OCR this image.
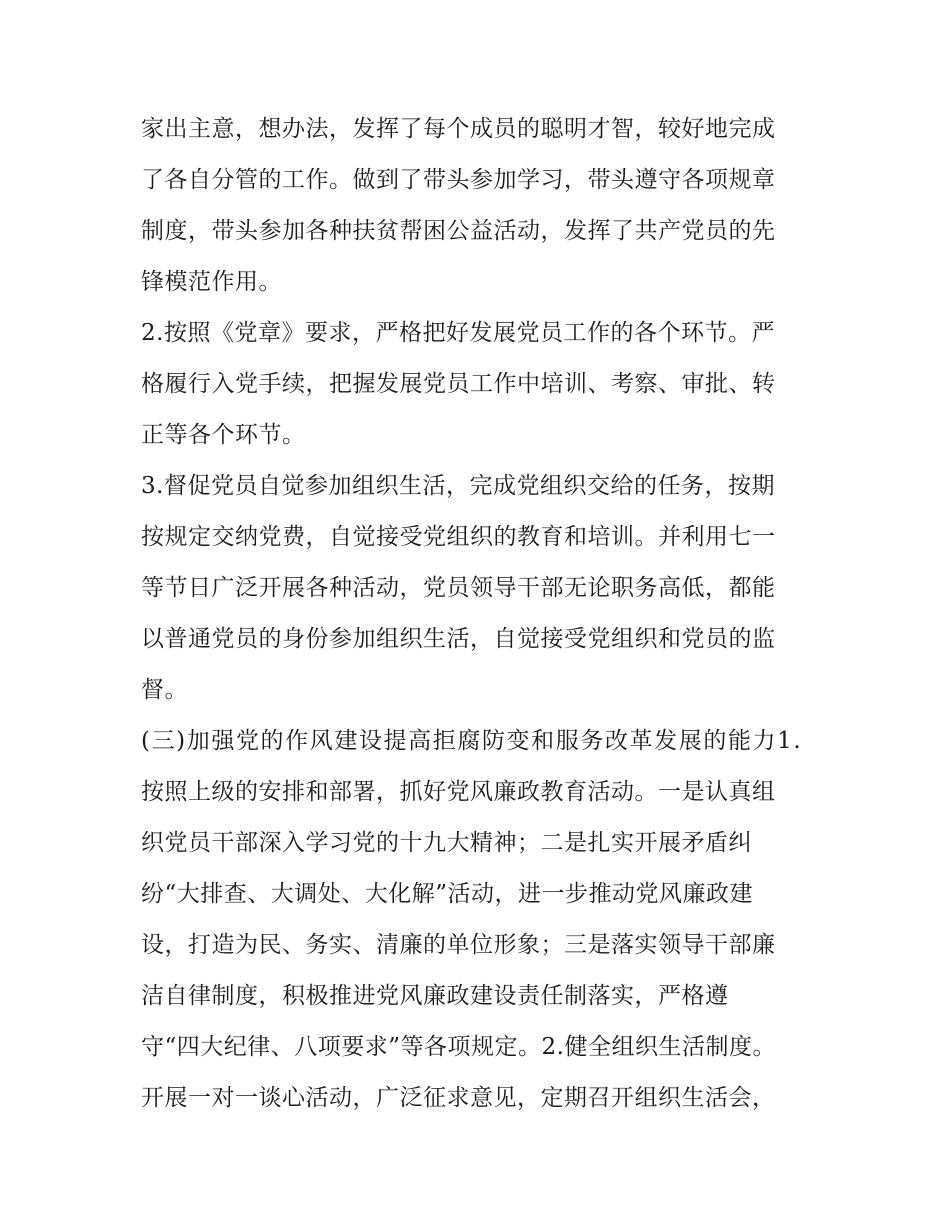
家出主意，想办法，发挥了每个成员的聪明才智，较好地完成
了各自分管的工作。做到了带头参加学习，带头遵守各项规章
制度，带头参加各种扶贫帮困公益活动，发挥了共产党员的先
锋模范作用。
2.按照《党章》要求，严格把好发展党员工作的各个环节。严
格履行入党手续，把握发展党员工作中培训、考察、审批、转
正等各个环节。
3.督促党员自觉参加组织生活，完成党组织交给的任务，按期
按规定交纳党费，自觉接受党组织的教育和培训。并利用七一
等节日广泛开展各种活动，党员领导干部无论职务高低，都能
以普通党员的身份参加组织生活，自觉接受党组织和党员的监
督。
(三)加强党的作风建设提高拒腐防变和服务改革发展的能力1.
按照上级的安排和部署，抓好党风廉政教育活动。一是认真组
织党员干部深入学习党的十九大精神；二是扎实开展矛盾纠
纷“大排查、大调处、大化解”活动，进一步推动党风廉政建
设，打造为民、务实、清廉的单位形象；三是落实领导干部廉
洁自律制度，积极推进党风廉政建设责任制落实，严格遵
守“四大纪律、八项要求”等各项规定。2.健全组织生活制度。
开展一对一谈心活动，广泛征求意见，定期召开组织生活会，
